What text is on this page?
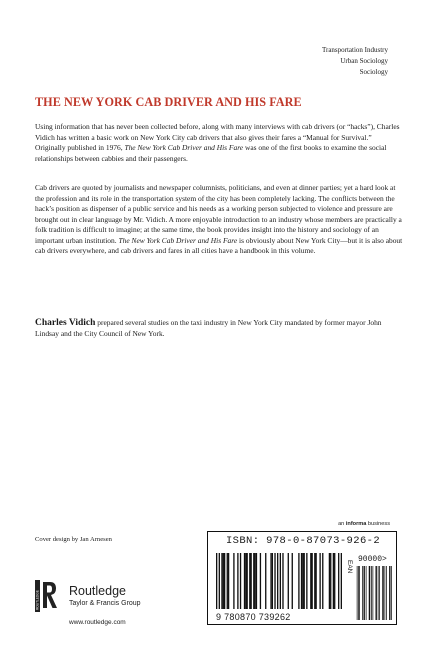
Transportation Industry
Urban Sociology
Sociology
THE NEW YORK CAB DRIVER AND HIS FARE

Using information that has never been collected before, along with many interviews with cab drivers (or “hacks”), Charles Vidich has written a basic work on New York City cab drivers that also gives their fares a “Manual for Survival.” Originally published in 1976, The New York Cab Driver and His Fare was one of the first books to examine the social relationships between cabbies and their passengers.

Cab drivers are quoted by journalists and newspaper columnists, politicians, and even at dinner parties; yet a hard look at the profession and its role in the transportation system of the city has been completely lacking. The conflicts between the hack’s position as dispenser of a public service and his needs as a working person subjected to violence and pressure are brought out in clear language by Mr. Vidich. A more enjoyable introduction to an industry whose members are practically a folk tradition is difficult to imagine; at the same time, the book provides insight into the history and sociology of an important urban institution. The New York Cab Driver and His Fare is obviously about New York City—but it is also about cab drivers everywhere, and cab drivers and fares in all cities have a handbook in this volume.

Charles Vidich prepared several studies on the taxi industry in New York City mandated by former mayor John Lindsay and the City Council of New York.

Cover design by Jan Arnesen
ROUTLEDGE Routledge
Taylor & Francis Group
www.routledge.com
an informa business
ISBN: 978-0-87073-926-2
EAN
90000>
9 780870 739262
